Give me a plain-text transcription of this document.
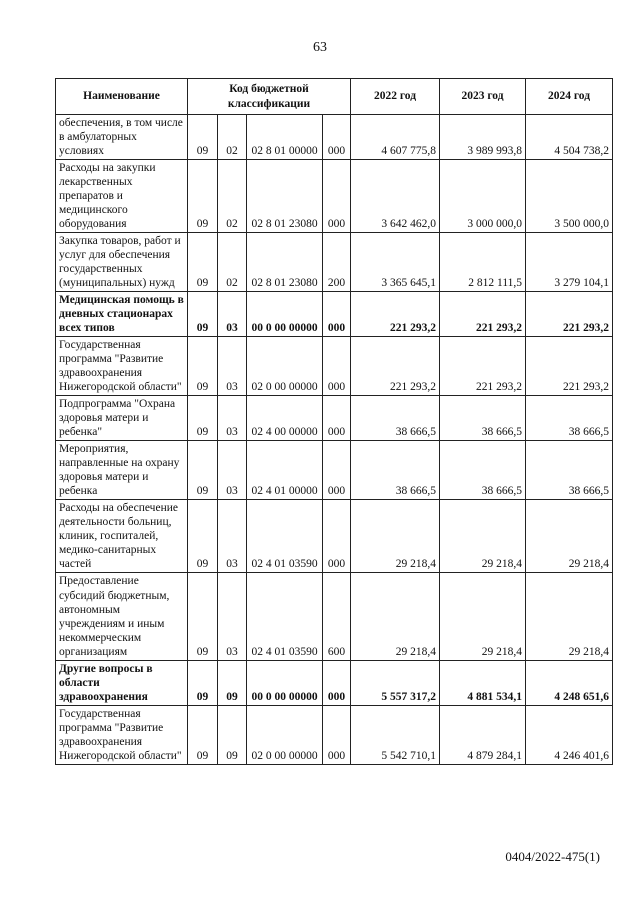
63
Наименование	Код бюджетной классификации				2022 год	2023 год	2024 год
обеспечения, в том числе в амбулаторных условиях	09	02	02 8 01 00000	000	4 607 775,8	3 989 993,8	4 504 738,2
Расходы на закупки лекарственных препаратов и медицинского оборудования	09	02	02 8 01 23080	000	3 642 462,0	3 000 000,0	3 500 000,0
Закупка товаров, работ и услуг для обеспечения государственных (муниципальных) нужд	09	02	02 8 01 23080	200	3 365 645,1	2 812 111,5	3 279 104,1
Медицинская помощь в дневных стационарах всех типов	09	03	00 0 00 00000	000	221 293,2	221 293,2	221 293,2
Государственная программа "Развитие здравоохранения Нижегородской области"	09	03	02 0 00 00000	000	221 293,2	221 293,2	221 293,2
Подпрограмма "Охрана здоровья матери и ребенка"	09	03	02 4 00 00000	000	38 666,5	38 666,5	38 666,5
Мероприятия, направленные на охрану здоровья матери и ребенка	09	03	02 4 01 00000	000	38 666,5	38 666,5	38 666,5
Расходы на обеспечение деятельности больниц, клиник, госпиталей, медико-санитарных частей	09	03	02 4 01 03590	000	29 218,4	29 218,4	29 218,4
Предоставление субсидий бюджетным, автономным учреждениям и иным некоммерческим организациям	09	03	02 4 01 03590	600	29 218,4	29 218,4	29 218,4
Другие вопросы в области здравоохранения	09	09	00 0 00 00000	000	5 557 317,2	4 881 534,1	4 248 651,6
Государственная программа "Развитие здравоохранения Нижегородской области"	09	09	02 0 00 00000	000	5 542 710,1	4 879 284,1	4 246 401,6
0404/2022-475(1)
